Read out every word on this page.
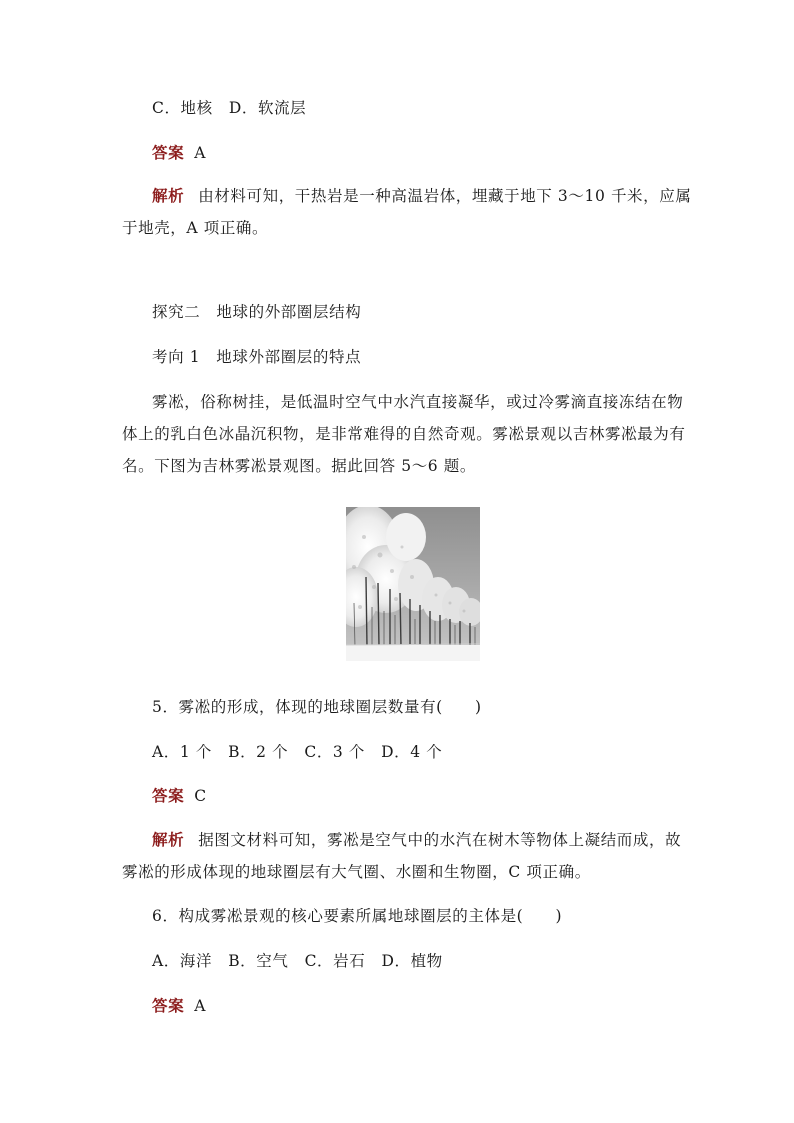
C．地核　D．软流层
答案 A
解析 由材料可知，干热岩是一种高温岩体，埋藏于地下 3～10 千米，应属
于地壳，A 项正确。
探究二　地球的外部圈层结构
考向 1　地球外部圈层的特点
雾凇，俗称树挂，是低温时空气中水汽直接凝华，或过冷雾滴直接冻结在物
体上的乳白色冰晶沉积物，是非常难得的自然奇观。雾凇景观以吉林雾凇最为有
名。下图为吉林雾凇景观图。据此回答 5～6 题。
5．雾凇的形成，体现的地球圈层数量有(　　)
A．1 个　B．2 个　C．3 个　D．4 个
答案 C
解析 据图文材料可知，雾凇是空气中的水汽在树木等物体上凝结而成，故
雾凇的形成体现的地球圈层有大气圈、水圈和生物圈，C 项正确。
6．构成雾凇景观的核心要素所属地球圈层的主体是(　　)
A．海洋　B．空气　C．岩石　D．植物
答案 A
